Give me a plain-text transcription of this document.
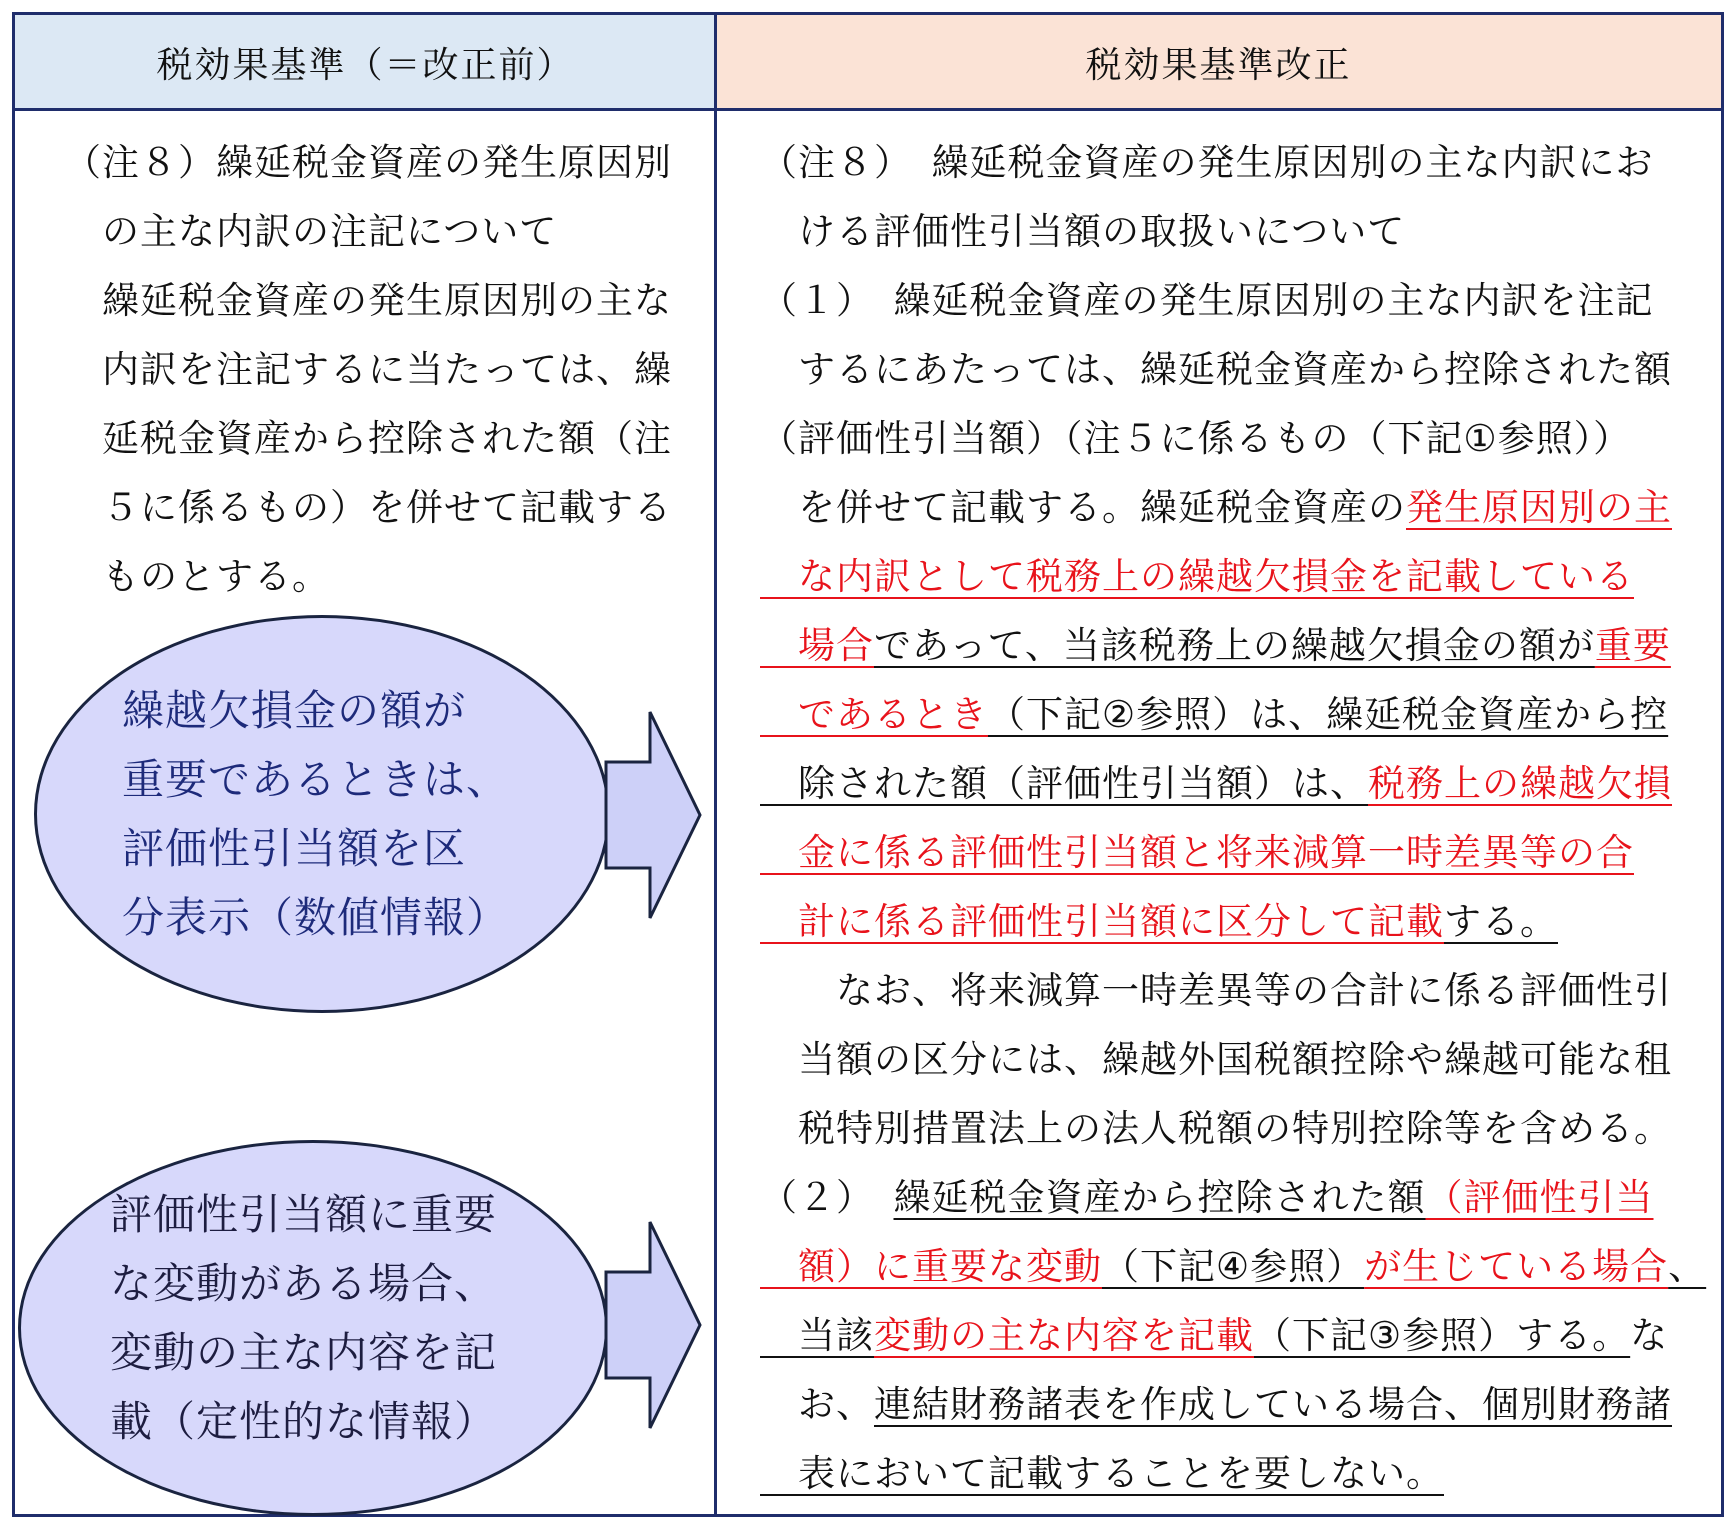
税効果基準（＝改正前）	税効果基準改正
（注８）繰延税金資産の発生原因別
　の主な内訳の注記について
　繰延税金資産の発生原因別の主な
　内訳を注記するに当たっては、繰
　延税金資産から控除された額（注
　５に係るもの）を併せて記載する
　ものとする。
繰越欠損金の額が
重要であるときは、
評価性引当額を区
分表示（数値情報）
評価性引当額に重要
な変動がある場合、
変動の主な内容を記
載（定性的な情報）
（注８）　繰延税金資産の発生原因別の主な内訳にお
　ける評価性引当額の取扱いについて
（１）　繰延税金資産の発生原因別の主な内訳を注記
　するにあたっては、繰延税金資産から控除された額
（評価性引当額）（注５に係るもの（下記①参照））
　を併せて記載する。繰延税金資産の発生原因別の主
　な内訳として税務上の繰越欠損金を記載している
　場合であって、当該税務上の繰越欠損金の額が重要
　であるとき（下記②参照）は、繰延税金資産から控
　除された額（評価性引当額）は、税務上の繰越欠損
　金に係る評価性引当額と将来減算一時差異等の合
　計に係る評価性引当額に区分して記載する。
　　なお、将来減算一時差異等の合計に係る評価性引
　当額の区分には、繰越外国税額控除や繰越可能な租
　税特別措置法上の法人税額の特別控除等を含める。
（２）　繰延税金資産から控除された額（評価性引当
　額）に重要な変動（下記④参照）が生じている場合、
　当該変動の主な内容を記載（下記③参照）する。な
　お、連結財務諸表を作成している場合、個別財務諸
　表において記載することを要しない。
